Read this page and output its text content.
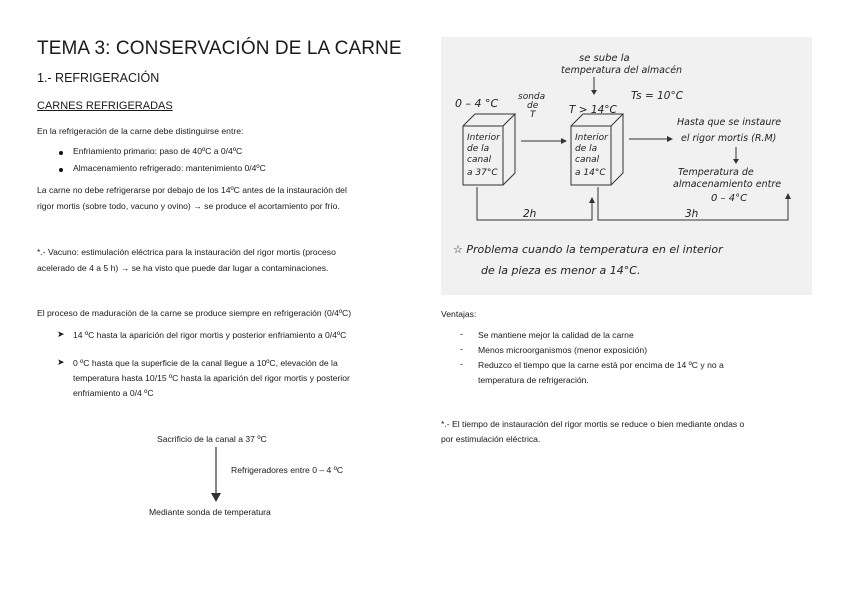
TEMA 3: CONSERVACIÓN DE LA CARNE
1.- REFRIGERACIÓN
CARNES REFRIGERADAS
En la refrigeración de la carne debe distinguirse entre:
Enfriamiento primario: paso de 40ºC a 0/4ºC
Almacenamiento refrigerado: mantenimiento 0/4ºC
La carne no debe refrigerarse por debajo de los 14ºC antes de la instauración del
rigor mortis (sobre todo, vacuno y ovino) → se produce el acortamiento por frío.
*.- Vacuno: estimulación eléctrica para la instauración del rigor mortis (proceso
acelerado de 4 a 5 h) → se ha visto que puede dar lugar a contaminaciones.
El proceso de maduración de la carne se produce siempre en refrigeración (0/4ºC)
➤ 14 ºC hasta la aparición del rigor mortis y posterior enfriamiento a 0/4ºC
➤ 0 ºC hasta que la superficie de la canal llegue a 10ºC, elevación de la
temperatura hasta 10/15 ºC hasta la aparición del rigor mortis y posterior
enfriamiento a 0/4 ºC
Sacrificio de la canal a 37 ºC
Refrigeradores entre 0 – 4 ºC
Mediante sonda de temperatura
se sube la
temperatura del almacén
0 – 4 °C sonda
de
T	T > 14°C
Ts = 10°C
Interior
de la
canal
a 37°C
Interior
de la
canal
a 14°C
Hasta que se instaure
el rigor mortis (R.M)
Temperatura de
almacenamiento entre
0 – 4°C
2h	3h
☆ Problema cuando la temperatura en el interior
de la pieza es menor a 14°C.
Ventajas:
- Se mantiene mejor la calidad de la carne
- Menos microorganismos (menor exposición)
- Reduzco el tiempo que la carne está por encima de 14 ºC y no a
temperatura de refrigeración.
*.- El tiempo de instauración del rigor mortis se reduce o bien mediante ondas o
por estimulación eléctrica.
